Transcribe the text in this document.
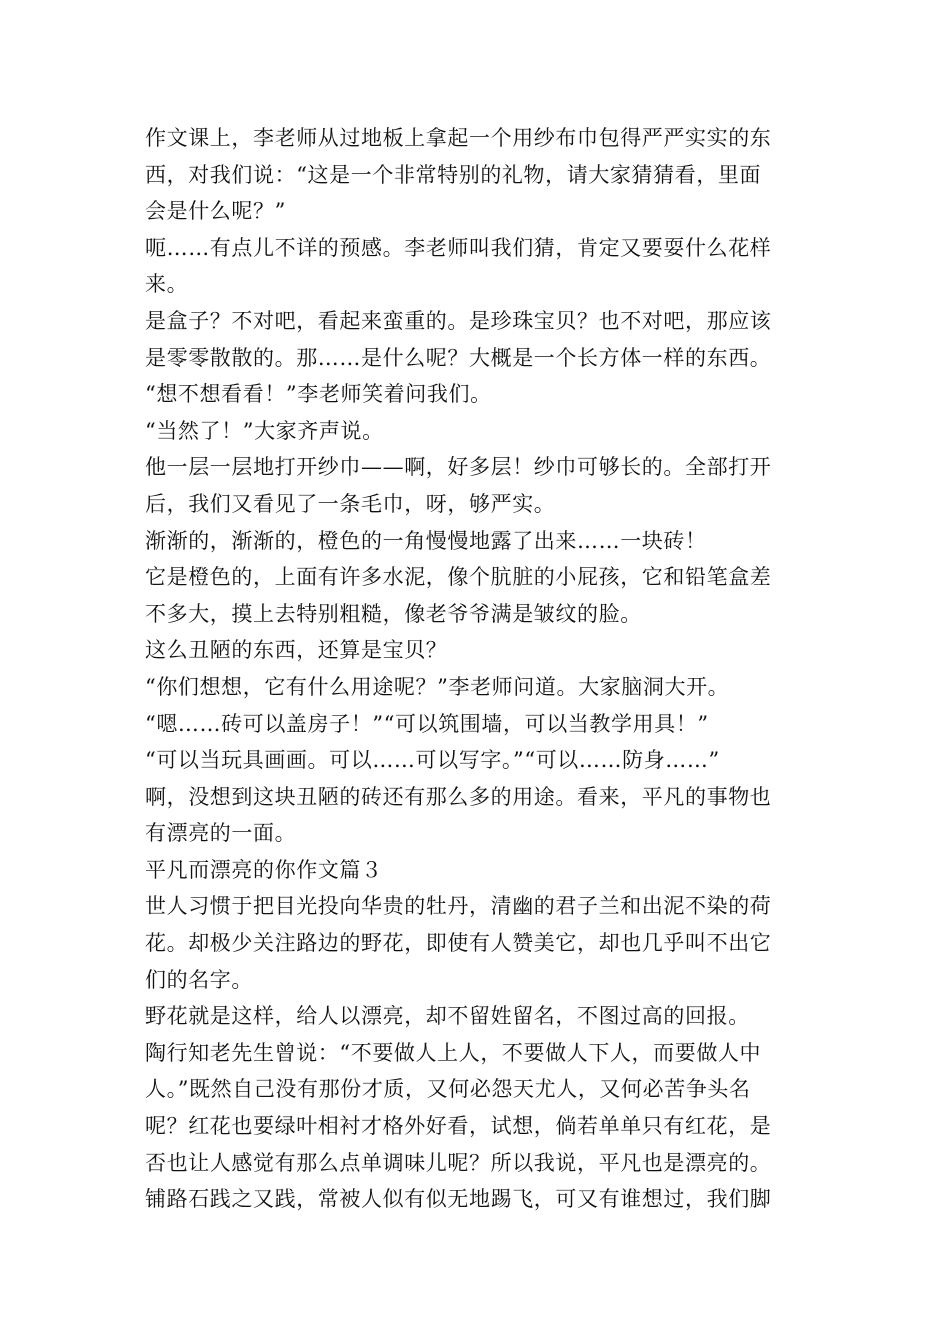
作文课上，李老师从过地板上拿起一个用纱布巾包得严严实实的东
西，对我们说：“这是一个非常特别的礼物，请大家猜猜看，里面
会是什么呢？”
呃……有点儿不详的预感。李老师叫我们猜，肯定又要耍什么花样
来。
是盒子？不对吧，看起来蛮重的。是珍珠宝贝？也不对吧，那应该
是零零散散的。那……是什么呢？大概是一个长方体一样的东西。
“想不想看看！”李老师笑着问我们。
“当然了！”大家齐声说。
他一层一层地打开纱巾——啊，好多层！纱巾可够长的。全部打开
后，我们又看见了一条毛巾，呀，够严实。
渐渐的，渐渐的，橙色的一角慢慢地露了出来……一块砖！
它是橙色的，上面有许多水泥，像个肮脏的小屁孩，它和铅笔盒差
不多大，摸上去特别粗糙，像老爷爷满是皱纹的脸。
这么丑陋的东西，还算是宝贝？
“你们想想，它有什么用途呢？”李老师问道。大家脑洞大开。
“嗯……砖可以盖房子！”“可以筑围墙，可以当教学用具！”
“可以当玩具画画。可以……可以写字。”“可以……防身……”
啊，没想到这块丑陋的砖还有那么多的用途。看来，平凡的事物也
有漂亮的一面。
平凡而漂亮的你作文篇３
世人习惯于把目光投向华贵的牡丹，清幽的君子兰和出泥不染的荷
花。却极少关注路边的野花，即使有人赞美它，却也几乎叫不出它
们的名字。
野花就是这样，给人以漂亮，却不留姓留名，不图过高的回报。
陶行知老先生曾说：“不要做人上人，不要做人下人，而要做人中
人。”既然自己没有那份才质，又何必怨天尤人，又何必苦争头名
呢？红花也要绿叶相衬才格外好看，试想，倘若单单只有红花，是
否也让人感觉有那么点单调味儿呢？所以我说，平凡也是漂亮的。
铺路石践之又践，常被人似有似无地踢飞，可又有谁想过，我们脚
